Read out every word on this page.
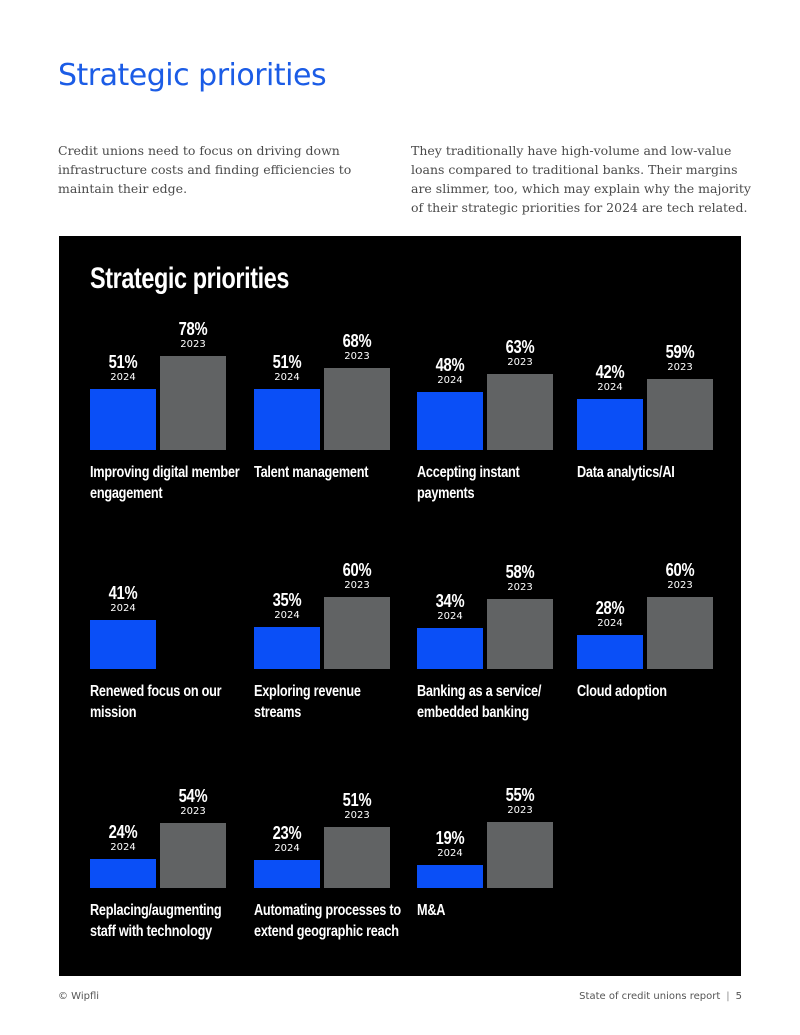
Strategic priorities
Credit unions need to focus on driving down infrastructure costs and finding efficiencies to maintain their edge.
They traditionally have high-volume and low-value loans compared to traditional banks. Their margins are slimmer, too, which may explain why the majority of their strategic priorities for 2024 are tech related.
Strategic priorities
51%
2024
78%
2023
Improving digital member engagement
51%
2024
68%
2023
Talent management
48%
2024
63%
2023
Accepting instant payments
42%
2024
59%
2023
Data analytics/AI
41%
2024
Renewed focus on our mission
35%
2024
60%
2023
Exploring revenue streams
34%
2024
58%
2023
Banking as a service/ embedded banking
28%
2024
60%
2023
Cloud adoption
24%
2024
54%
2023
Replacing/augmenting staff with technology
23%
2024
51%
2023
Automating processes to extend geographic reach
19%
2024
55%
2023
M&A
© Wipfli	State of credit unions report | 5
